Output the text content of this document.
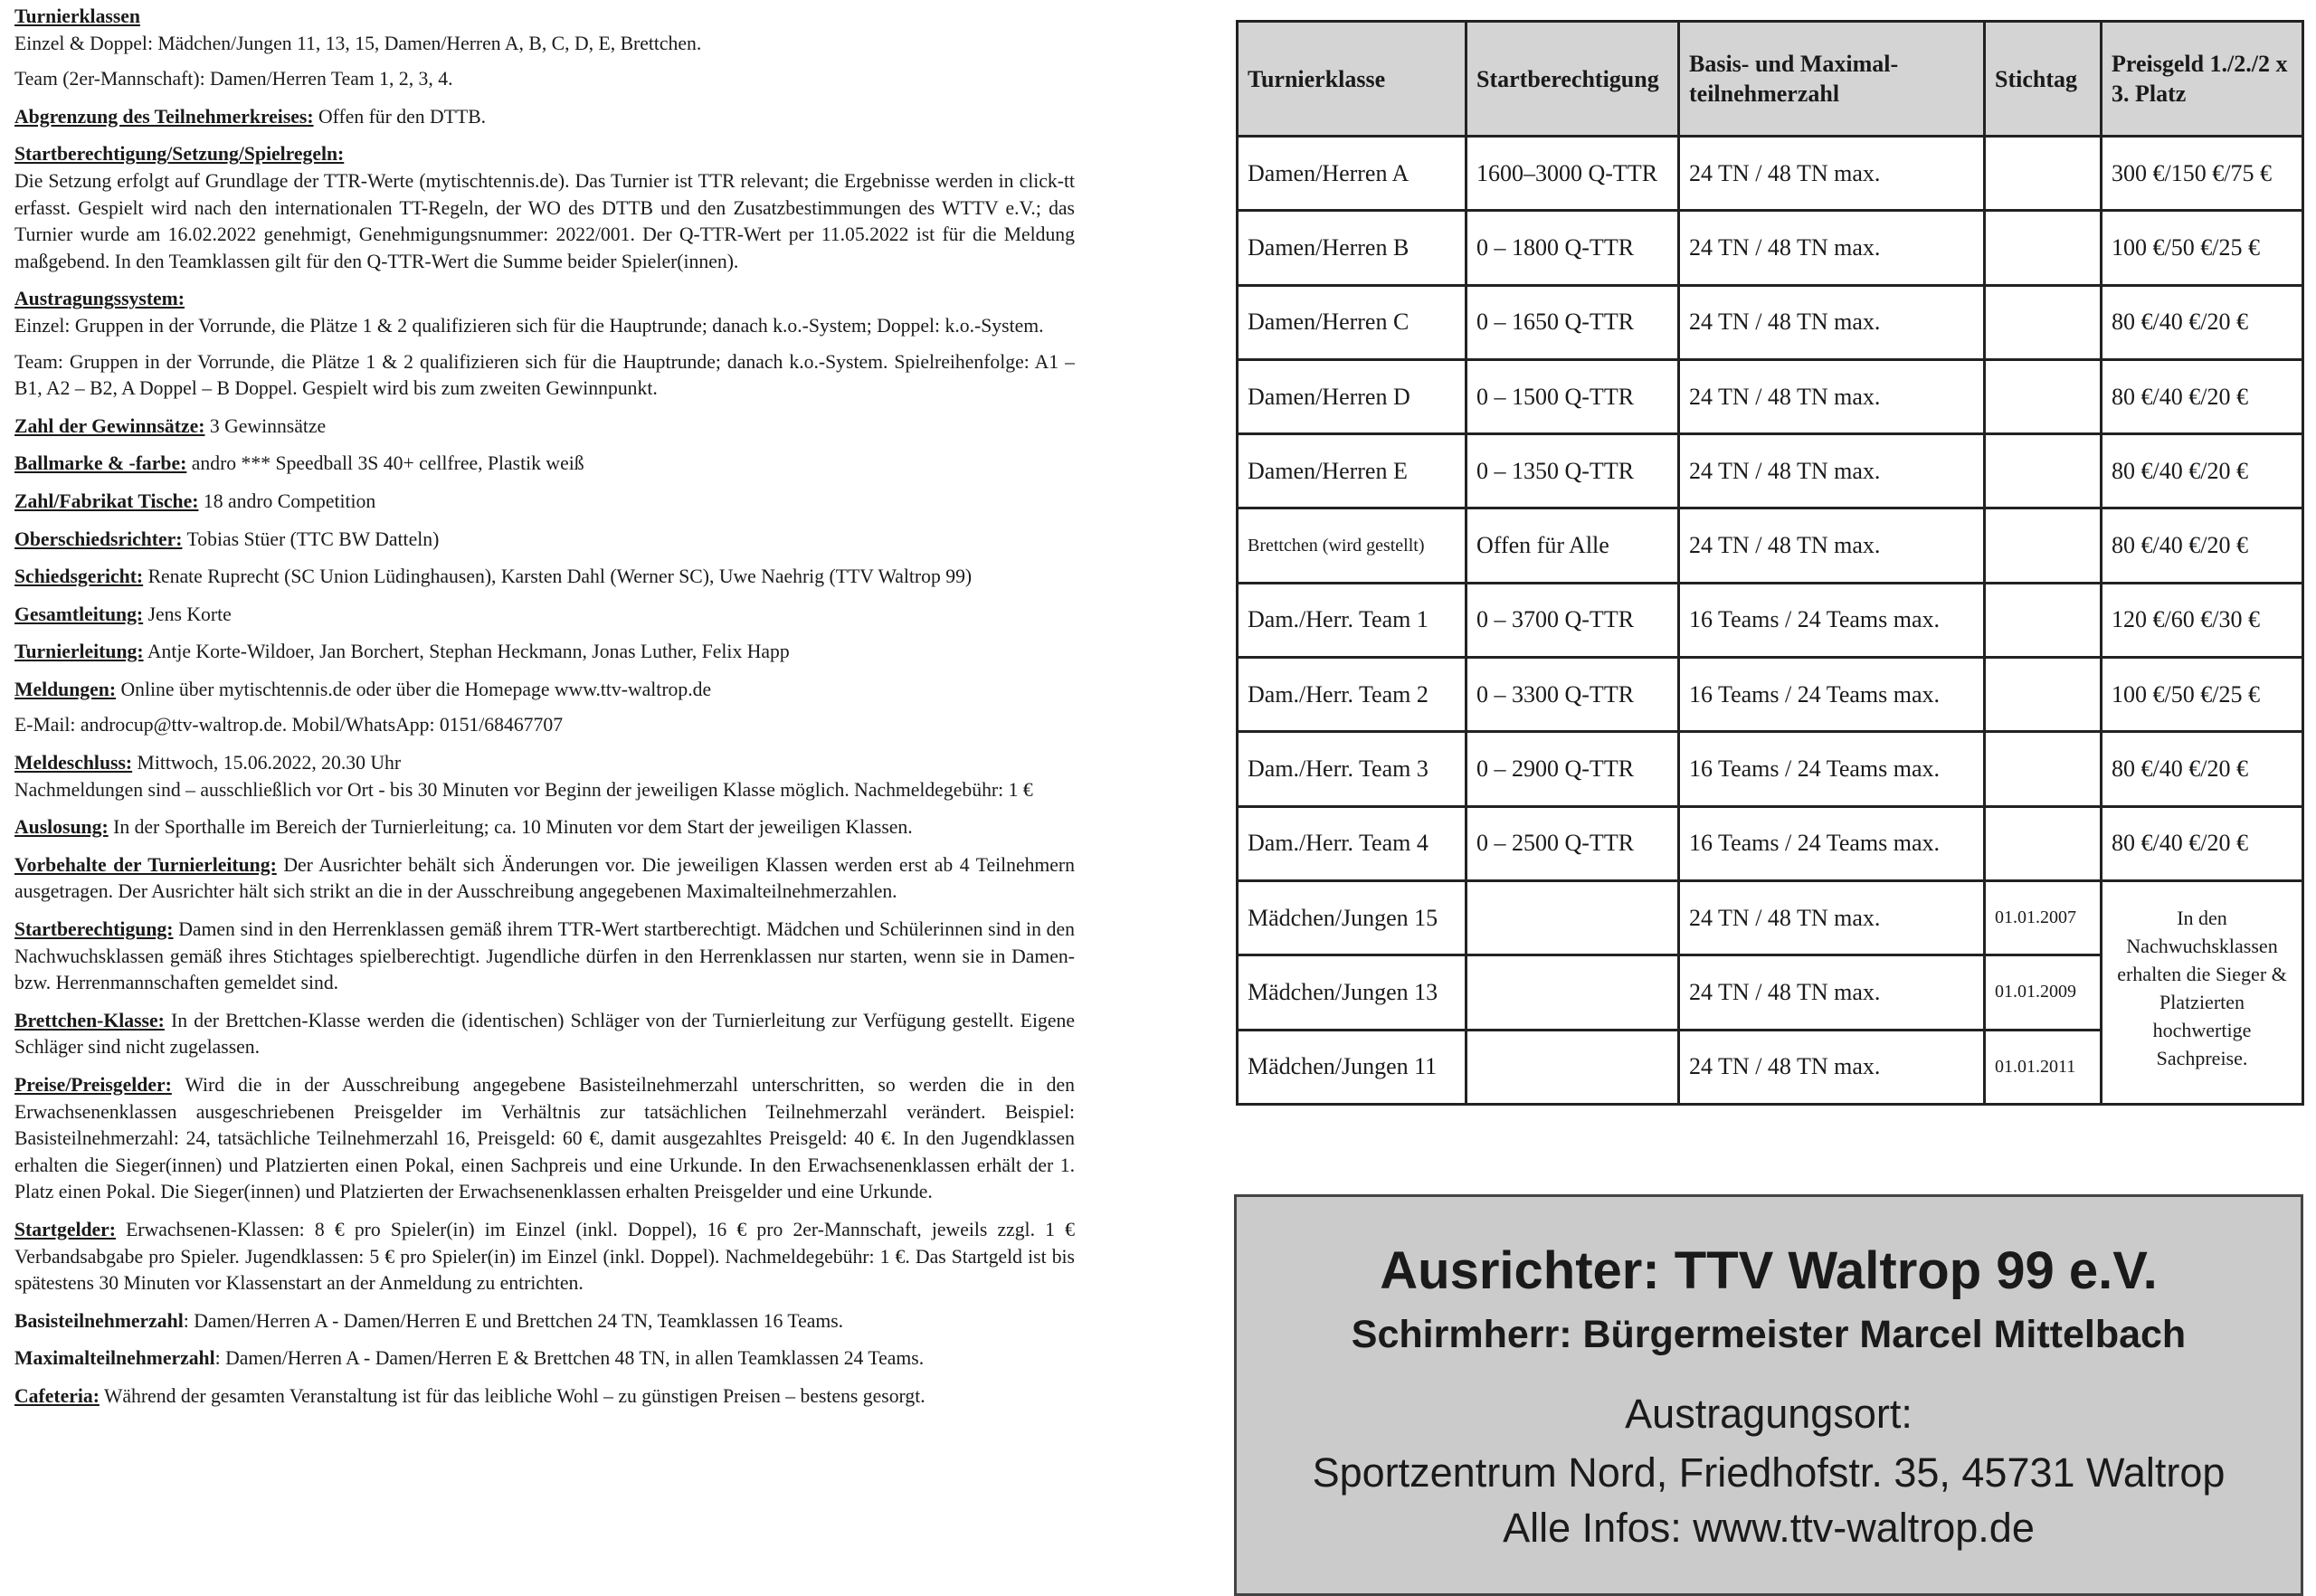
Turnierklassen
Einzel & Doppel: Mädchen/Jungen 11, 13, 15, Damen/Herren A, B, C, D, E, Brettchen.
Team (2er-Mannschaft): Damen/Herren Team 1, 2, 3, 4.

Abgrenzung des Teilnehmerkreises: Offen für den DTTB.

Startberechtigung/Setzung/Spielregeln:
Die Setzung erfolgt auf Grundlage der TTR-Werte (mytischtennis.de). Das Turnier ist TTR relevant; die Ergebnisse werden in click-tt erfasst. Gespielt wird nach den internationalen TT-Regeln, der WO des DTTB und den Zusatzbestimmungen des WTTV e.V.; das Turnier wurde am 16.02.2022 genehmigt, Genehmigungsnummer: 2022/001. Der Q-TTR-Wert per 11.05.2022 ist für die Meldung maßgebend. In den Teamklassen gilt für den Q-TTR-Wert die Summe beider Spieler(innen).

Austragungssystem:
Einzel: Gruppen in der Vorrunde, die Plätze 1 & 2 qualifizieren sich für die Hauptrunde; danach k.o.-System; Doppel: k.o.-System.
Team: Gruppen in der Vorrunde, die Plätze 1 & 2 qualifizieren sich für die Hauptrunde; danach k.o.-System. Spielreihenfolge: A1 – B1, A2 – B2, A Doppel – B Doppel. Gespielt wird bis zum zweiten Gewinnpunkt.

Zahl der Gewinnsätze: 3 Gewinnsätze

Ballmarke & -farbe: andro *** Speedball 3S 40+ cellfree, Plastik weiß

Zahl/Fabrikat Tische: 18 andro Competition

Oberschiedsrichter: Tobias Stüer (TTC BW Datteln)

Schiedsgericht: Renate Ruprecht (SC Union Lüdinghausen), Karsten Dahl (Werner SC), Uwe Naehrig (TTV Waltrop 99)

Gesamtleitung: Jens Korte

Turnierleitung: Antje Korte-Wildoer, Jan Borchert, Stephan Heckmann, Jonas Luther, Felix Happ

Meldungen: Online über mytischtennis.de oder über die Homepage www.ttv-waltrop.de
E-Mail: androcup@ttv-waltrop.de. Mobil/WhatsApp: 0151/68467707

Meldeschluss: Mittwoch, 15.06.2022, 20.30 Uhr
Nachmeldungen sind – ausschließlich vor Ort - bis 30 Minuten vor Beginn der jeweiligen Klasse möglich. Nachmeldegebühr: 1 €

Auslosung: In der Sporthalle im Bereich der Turnierleitung; ca. 10 Minuten vor dem Start der jeweiligen Klassen.

Vorbehalte der Turnierleitung: Der Ausrichter behält sich Änderungen vor. Die jeweiligen Klassen werden erst ab 4 Teilnehmern ausgetragen. Der Ausrichter hält sich strikt an die in der Ausschreibung angegebenen Maximalteilnehmerzahlen.

Startberechtigung: Damen sind in den Herrenklassen gemäß ihrem TTR-Wert startberechtigt. Mädchen und Schülerinnen sind in den Nachwuchsklassen gemäß ihres Stichtages spielberechtigt. Jugendliche dürfen in den Herrenklassen nur starten, wenn sie in Damen- bzw. Herrenmannschaften gemeldet sind.

Brettchen-Klasse: In der Brettchen-Klasse werden die (identischen) Schläger von der Turnierleitung zur Verfügung gestellt. Eigene Schläger sind nicht zugelassen.

Preise/Preisgelder: Wird die in der Ausschreibung angegebene Basisteilnehmerzahl unterschritten, so werden die in den Erwachsenenklassen ausgeschriebenen Preisgelder im Verhältnis zur tatsächlichen Teilnehmerzahl verändert. Beispiel: Basisteilnehmerzahl: 24, tatsächliche Teilnehmerzahl 16, Preisgeld: 60 €, damit ausgezahltes Preisgeld: 40 €. In den Jugendklassen erhalten die Sieger(innen) und Platzierten einen Pokal, einen Sachpreis und eine Urkunde. In den Erwachsenenklassen erhält der 1. Platz einen Pokal. Die Sieger(innen) und Platzierten der Erwachsenenklassen erhalten Preisgelder und eine Urkunde.

Startgelder: Erwachsenen-Klassen: 8 € pro Spieler(in) im Einzel (inkl. Doppel), 16 € pro 2er-Mannschaft, jeweils zzgl. 1 € Verbandsabgabe pro Spieler. Jugendklassen: 5 € pro Spieler(in) im Einzel (inkl. Doppel). Nachmeldegebühr: 1 €. Das Startgeld ist bis spätestens 30 Minuten vor Klassenstart an der Anmeldung zu entrichten.

Basisteilnehmerzahl: Damen/Herren A - Damen/Herren E und Brettchen 24 TN, Teamklassen 16 Teams.

Maximalteilnehmerzahl: Damen/Herren A - Damen/Herren E & Brettchen 48 TN, in allen Teamklassen 24 Teams.

Cafeteria: Während der gesamten Veranstaltung ist für das leibliche Wohl – zu günstigen Preisen – bestens gesorgt.

Turnierklasse	Startberechtigung	Basis- und Maximal-teilnehmerzahl	Stichtag	Preisgeld 1./2./2 x 3. Platz
Damen/Herren A	1600–3000 Q-TTR	24 TN / 48 TN max.		300 €/150 €/75 €
Damen/Herren B	0 – 1800 Q-TTR	24 TN / 48 TN max.		100 €/50 €/25 €
Damen/Herren C	0 – 1650 Q-TTR	24 TN / 48 TN max.		80 €/40 €/20 €
Damen/Herren D	0 – 1500 Q-TTR	24 TN / 48 TN max.		80 €/40 €/20 €
Damen/Herren E	0 – 1350 Q-TTR	24 TN / 48 TN max.		80 €/40 €/20 €
Brettchen (wird gestellt)	Offen für Alle	24 TN / 48 TN max.		80 €/40 €/20 €
Dam./Herr. Team 1	0 – 3700 Q-TTR	16 Teams / 24 Teams max.		120 €/60 €/30 €
Dam./Herr. Team 2	0 – 3300 Q-TTR	16 Teams / 24 Teams max.		100 €/50 €/25 €
Dam./Herr. Team 3	0 – 2900 Q-TTR	16 Teams / 24 Teams max.		80 €/40 €/20 €
Dam./Herr. Team 4	0 – 2500 Q-TTR	16 Teams / 24 Teams max.		80 €/40 €/20 €
Mädchen/Jungen 15		24 TN / 48 TN max.	01.01.2007	In den Nachwuchsklassen erhalten die Sieger & Platzierten hochwertige Sachpreise.
Mädchen/Jungen 13		24 TN / 48 TN max.	01.01.2009	
Mädchen/Jungen 11		24 TN / 48 TN max.	01.01.2011	
Ausrichter: TTV Waltrop 99 e.V.
Schirmherr: Bürgermeister Marcel Mittelbach
Austragungsort:
Sportzentrum Nord, Friedhofstr. 35, 45731 Waltrop
Alle Infos: www.ttv-waltrop.de
